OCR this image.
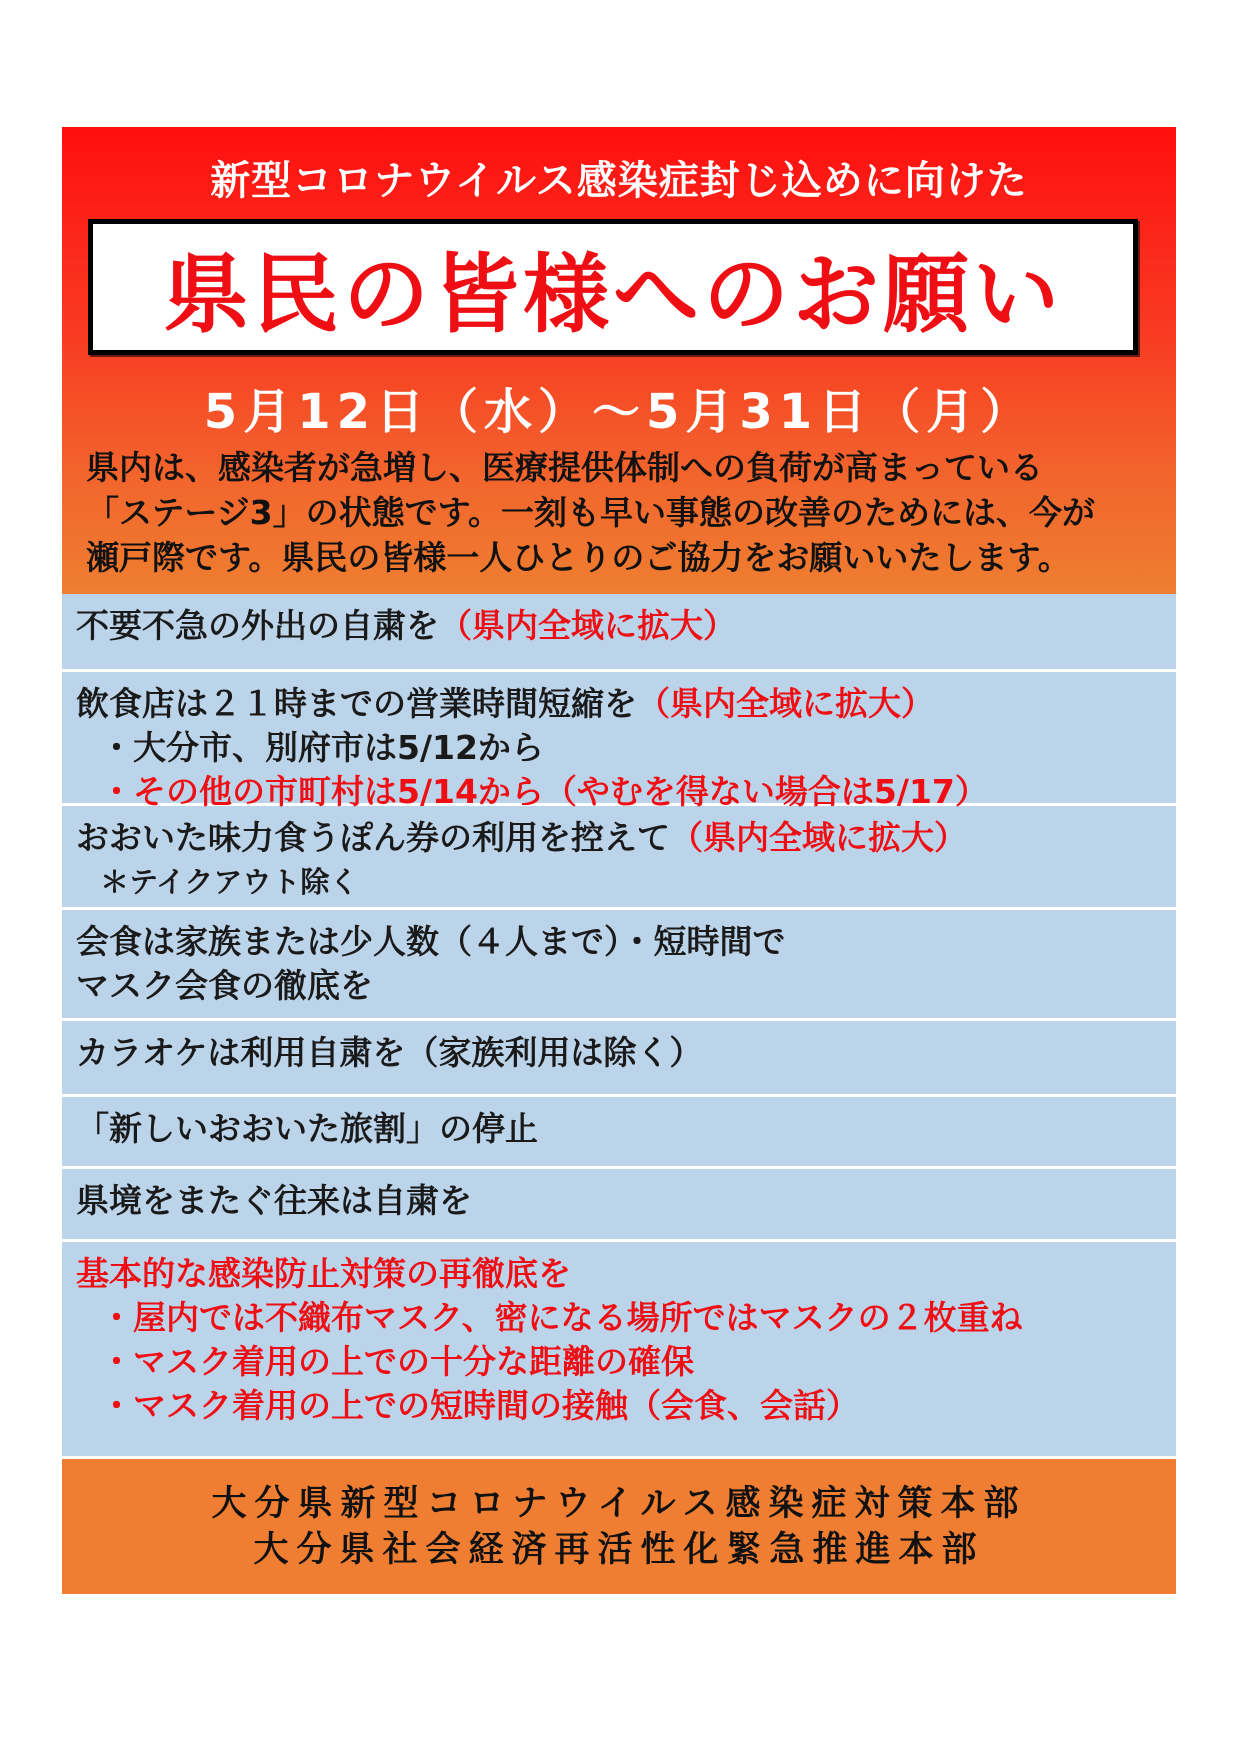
新型コロナウイルス感染症封じ込めに向けた
県民の皆様へのお願い
5月12日（水）～5月31日（月）
県内は、感染者が急増し、医療提供体制への負荷が高まっている
「ステージ3」の状態です。一刻も早い事態の改善のためには、今が
瀬戸際です。県民の皆様一人ひとりのご協力をお願いいたします。
不要不急の外出の自粛を（県内全域に拡大）
飲食店は２１時までの営業時間短縮を（県内全域に拡大）
・大分市、別府市は5/12から
・その他の市町村は5/14から（やむを得ない場合は5/17）
おおいた味力食うぽん券の利用を控えて（県内全域に拡大）
＊テイクアウト除く
会食は家族または少人数（４人まで）・短時間で
マスク会食の徹底を
カラオケは利用自粛を（家族利用は除く）
「新しいおおいた旅割」の停止
県境をまたぐ往来は自粛を
基本的な感染防止対策の再徹底を
・屋内では不織布マスク、密になる場所ではマスクの２枚重ね
・マスク着用の上での十分な距離の確保
・マスク着用の上での短時間の接触（会食、会話）
大分県新型コロナウイルス感染症対策本部
大分県社会経済再活性化緊急推進本部
